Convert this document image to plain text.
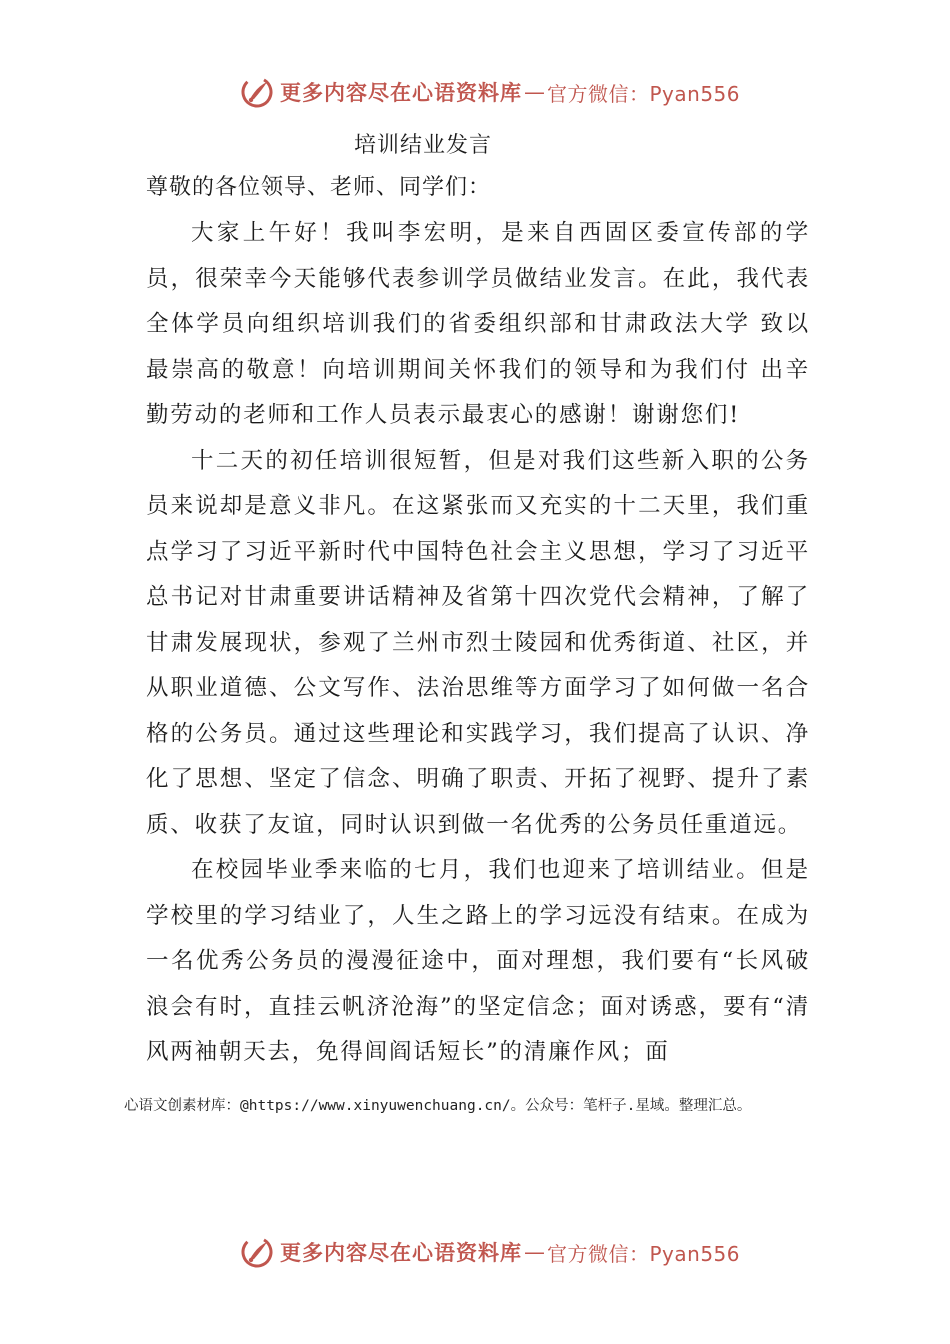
更多内容尽在心语资料库 — 官方微信：Pyan556
培训结业发言

尊敬的各位领导、老师、同学们：

大家上午好！我叫李宏明，是来自西固区委宣传部的学员，很荣幸今天能够代表参训学员做结业发言。在此，我代表全体学员向组织培训我们的省委组织部和甘肃政法大学 致以最崇高的敬意！向培训期间关怀我们的领导和为我们付 出辛勤劳动的老师和工作人员表示最衷心的感谢！谢谢您们!

十二天的初任培训很短暂，但是对我们这些新入职的公务员来说却是意义非凡。在这紧张而又充实的十二天里，我们重点学习了习近平新时代中国特色社会主义思想，学习了习近平总书记对甘肃重要讲话精神及省第十四次党代会精神，了解了甘肃发展现状，参观了兰州市烈士陵园和优秀街道、社区，并从职业道德、公文写作、法治思维等方面学习了如何做一名合格的公务员。通过这些理论和实践学习，我们提高了认识、净化了思想、坚定了信念、明确了职责、开拓了视野、提升了素质、收获了友谊，同时认识到做一名优秀的公务员任重道远。

在校园毕业季来临的七月，我们也迎来了培训结业。但是学校里的学习结业了，人生之路上的学习远没有结束。在成为一名优秀公务员的漫漫征途中，面对理想，我们要有“长风破浪会有时，直挂云帆济沧海”的坚定信念；面对诱惑，要有“清风两袖朝天去，免得闾阎话短长”的清廉作风；面

心语文创素材库：@https://www.xinyuwenchuang.cn/。公众号：笔杆子.星域。整理汇总。

更多内容尽在心语资料库 — 官方微信：Pyan556
